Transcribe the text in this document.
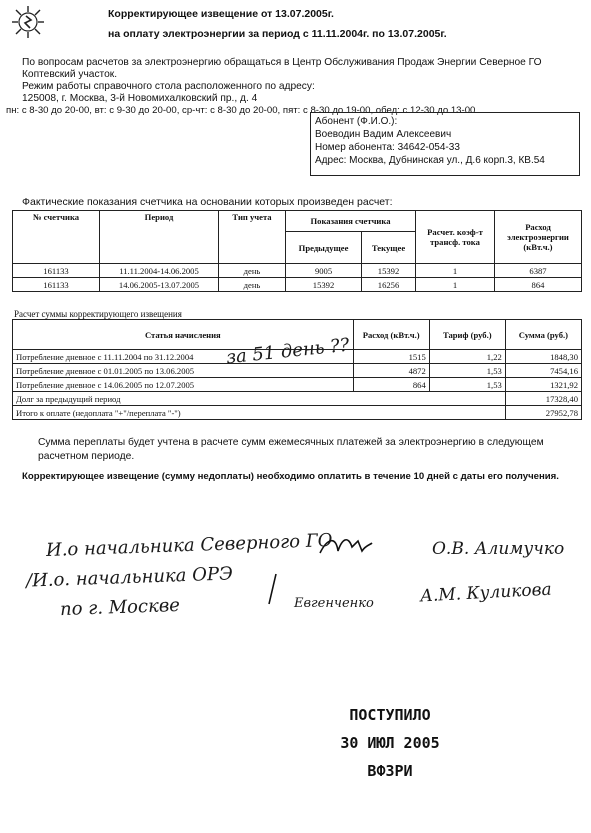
Корректирующее извещение от 13.07.2005г.
на оплату электроэнергии за период с 11.11.2004г. по 13.07.2005г.
По вопросам расчетов за электроэнергию обращаться в Центр Обслуживания Продаж Энергии Северное ГО
Коптевский участок.
Режим работы справочного стола расположенного по адресу:
125008, г. Москва, 3-й Новомихалковский пр., д. 4
пн: с 8-30 до 20-00, вт: с 9-30 до 20-00, ср-чт: с 8-30 до 20-00, пят: с 8-30 до 19-00, обед: с 12-30 до 13-00
Абонент (Ф.И.О.):
Воеводин Вадим Алексеевич
Номер абонента: 34642-054-33
Адрес: Москва, Дубнинская ул., Д.6 корп.3, КВ.54
Фактические показания счетчика на основании которых произведен расчет:
№ счетчика	Период	Тип учета	Показания счетчика		Расчет. коэф-т трансф. тока	Расход электроэнергии (кВт.ч.)
			Предыдущее	Текущее		
161133	11.11.2004-14.06.2005	день	9005	15392	1	6387
161133	14.06.2005-13.07.2005	день	15392	16256	1	864
Расчет суммы корректирующего извещения
Статья начисления	Расход (кВт.ч.)	Тариф (руб.)	Сумма (руб.)
Потребление дневное с 11.11.2004 по 31.12.2004	1515	1,22	1848,30
Потребление дневное с 01.01.2005 по 13.06.2005	4872	1,53	7454,16
Потребление дневное с 14.06.2005 по 12.07.2005	864	1,53	1321,92
Долг за предыдущий период			17328,40
Итого к оплате (недоплата "+"/переплата "-")			27952,78
за 51 день ??
Сумма переплаты будет учтена в расчете сумм ежемесячных платежей за электроэнергию в следующем
расчетном периоде.
Корректирующее извещение (сумму недоплаты) необходимо оплатить в течение 10 дней с даты его получения.
И.о начальника Северного ГО
/И.о. начальника ОРЭ
по г. Москве
О.В. Алимучко
А.М. Куликова
Евгенченко
ПОСТУПИЛО
30 ИЮЛ 2005
ВФЗРИ
